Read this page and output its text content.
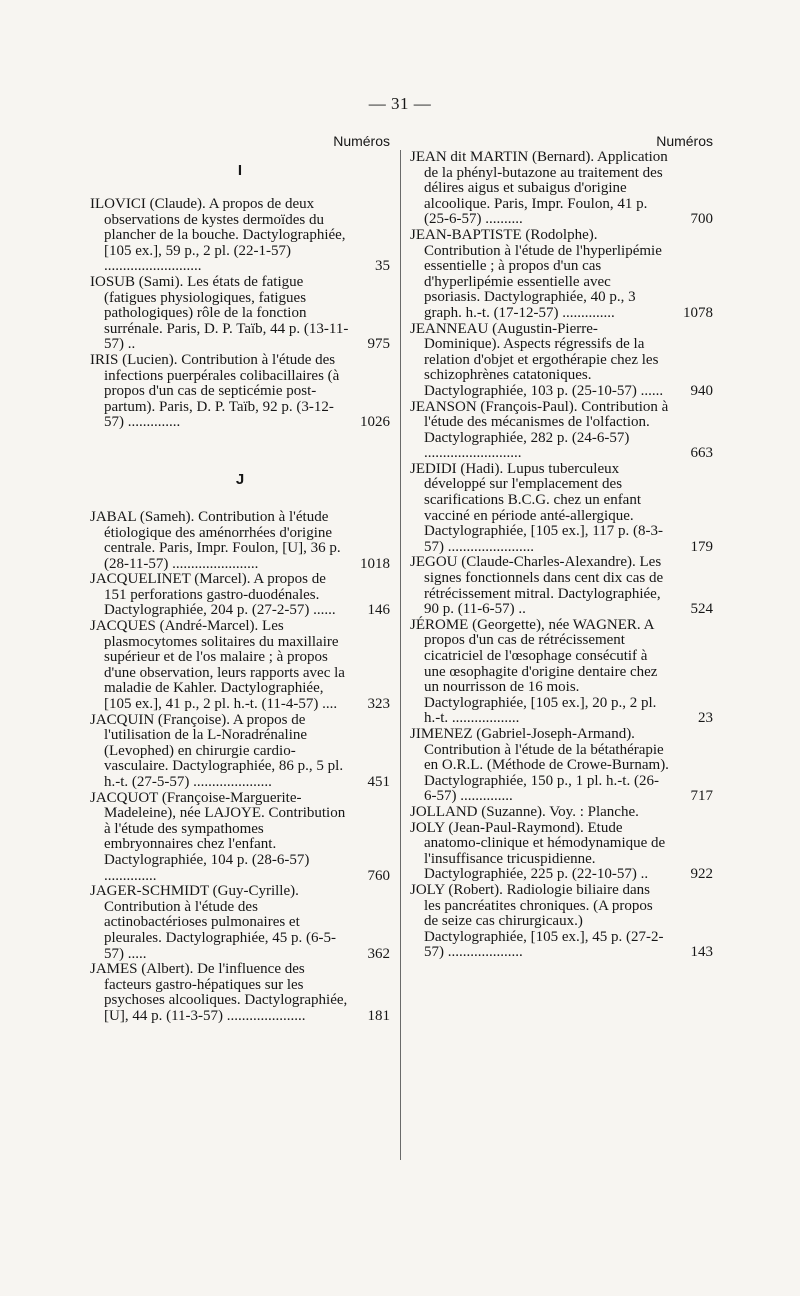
— 31 —
Numéros
I
ILOVICI (Claude). A propos de deux observations de kystes dermoïdes du plancher de la bouche. Dactylographiée, [105 ex.], 59 p., 2 pl. (22-1-57) ..........................	35
IOSUB (Sami). Les états de fatigue (fatigues physiologiques, fatigues pathologiques) rôle de la fonction surrénale. Paris, D. P. Taïb, 44 p. (13-11-57) ..	975
IRIS (Lucien). Contribution à l'étude des infections puerpérales colibacillaires (à propos d'un cas de septicémie post-partum). Paris, D. P. Taïb, 92 p. (3-12-57) ..............	1026
J
JABAL (Sameh). Contribution à l'étude étiologique des aménorrhées d'origine centrale. Paris, Impr. Foulon, [U], 36 p. (28-11-57) .......................	1018
JACQUELINET (Marcel). A propos de 151 perforations gastro-duodénales. Dactylographiée, 204 p. (27-2-57) ......	146
JACQUES (André-Marcel). Les plasmocytomes solitaires du maxillaire supérieur et de l'os malaire ; à propos d'une observation, leurs rapports avec la maladie de Kahler. Dactylographiée, [105 ex.], 41 p., 2 pl. h.-t. (11-4-57) ....	323
JACQUIN (Françoise). A propos de l'utilisation de la L-Noradrénaline (Levophed) en chirurgie cardio-vasculaire. Dactylographiée, 86 p., 5 pl. h.-t. (27-5-57) .....................	451
JACQUOT (Françoise-Marguerite-Madeleine), née LAJOYE. Contribution à l'étude des sympathomes embryonnaires chez l'enfant. Dactylographiée, 104 p. (28-6-57) ..............	760
JAGER-SCHMIDT (Guy-Cyrille). Contribution à l'étude des actinobactérioses pulmonaires et pleurales. Dactylographiée, 45 p. (6-5-57) .....	362
JAMES (Albert). De l'influence des facteurs gastro-hépatiques sur les psychoses alcooliques. Dactylographiée, [U], 44 p. (11-3-57) .....................	181
Numéros
JEAN dit MARTIN (Bernard). Application de la phényl-butazone au traitement des délires aigus et subaigus d'origine alcoolique. Paris, Impr. Foulon, 41 p. (25-6-57) ..........	700
JEAN-BAPTISTE (Rodolphe). Contribution à l'étude de l'hyperlipémie essentielle ; à propos d'un cas d'hyperlipémie essentielle avec psoriasis. Dactylographiée, 40 p., 3 graph. h.-t. (17-12-57) ..............	1078
JEANNEAU (Augustin-Pierre-Dominique). Aspects régressifs de la relation d'objet et ergothérapie chez les schizophrènes catatoniques. Dactylographiée, 103 p. (25-10-57) ......	940
JEANSON (François-Paul). Contribution à l'étude des mécanismes de l'olfaction. Dactylographiée, 282 p. (24-6-57) ..........................	663
JEDIDI (Hadi). Lupus tuberculeux développé sur l'emplacement des scarifications B.C.G. chez un enfant vacciné en période anté-allergique. Dactylographiée, [105 ex.], 117 p. (8-3-57) .......................	179
JEGOU (Claude-Charles-Alexandre). Les signes fonctionnels dans cent dix cas de rétrécissement mitral. Dactylographiée, 90 p. (11-6-57) ..	524
JÉROME (Georgette), née WAGNER. A propos d'un cas de rétrécissement cicatriciel de l'œsophage consécutif à une œsophagite d'origine dentaire chez un nourrisson de 16 mois. Dactylographiée, [105 ex.], 20 p., 2 pl. h.-t. ..................	23
JIMENEZ (Gabriel-Joseph-Armand). Contribution à l'étude de la bétathérapie en O.R.L. (Méthode de Crowe-Burnam). Dactylographiée, 150 p., 1 pl. h.-t. (26-6-57) ..............	717
JOLLAND (Suzanne). Voy. : Planche.
JOLY (Jean-Paul-Raymond). Etude anatomo-clinique et hémodynamique de l'insuffisance tricuspidienne. Dactylographiée, 225 p. (22-10-57) ..	922
JOLY (Robert). Radiologie biliaire dans les pancréatites chroniques. (A propos de seize cas chirurgicaux.) Dactylographiée, [105 ex.], 45 p. (27-2-57) ....................	143
